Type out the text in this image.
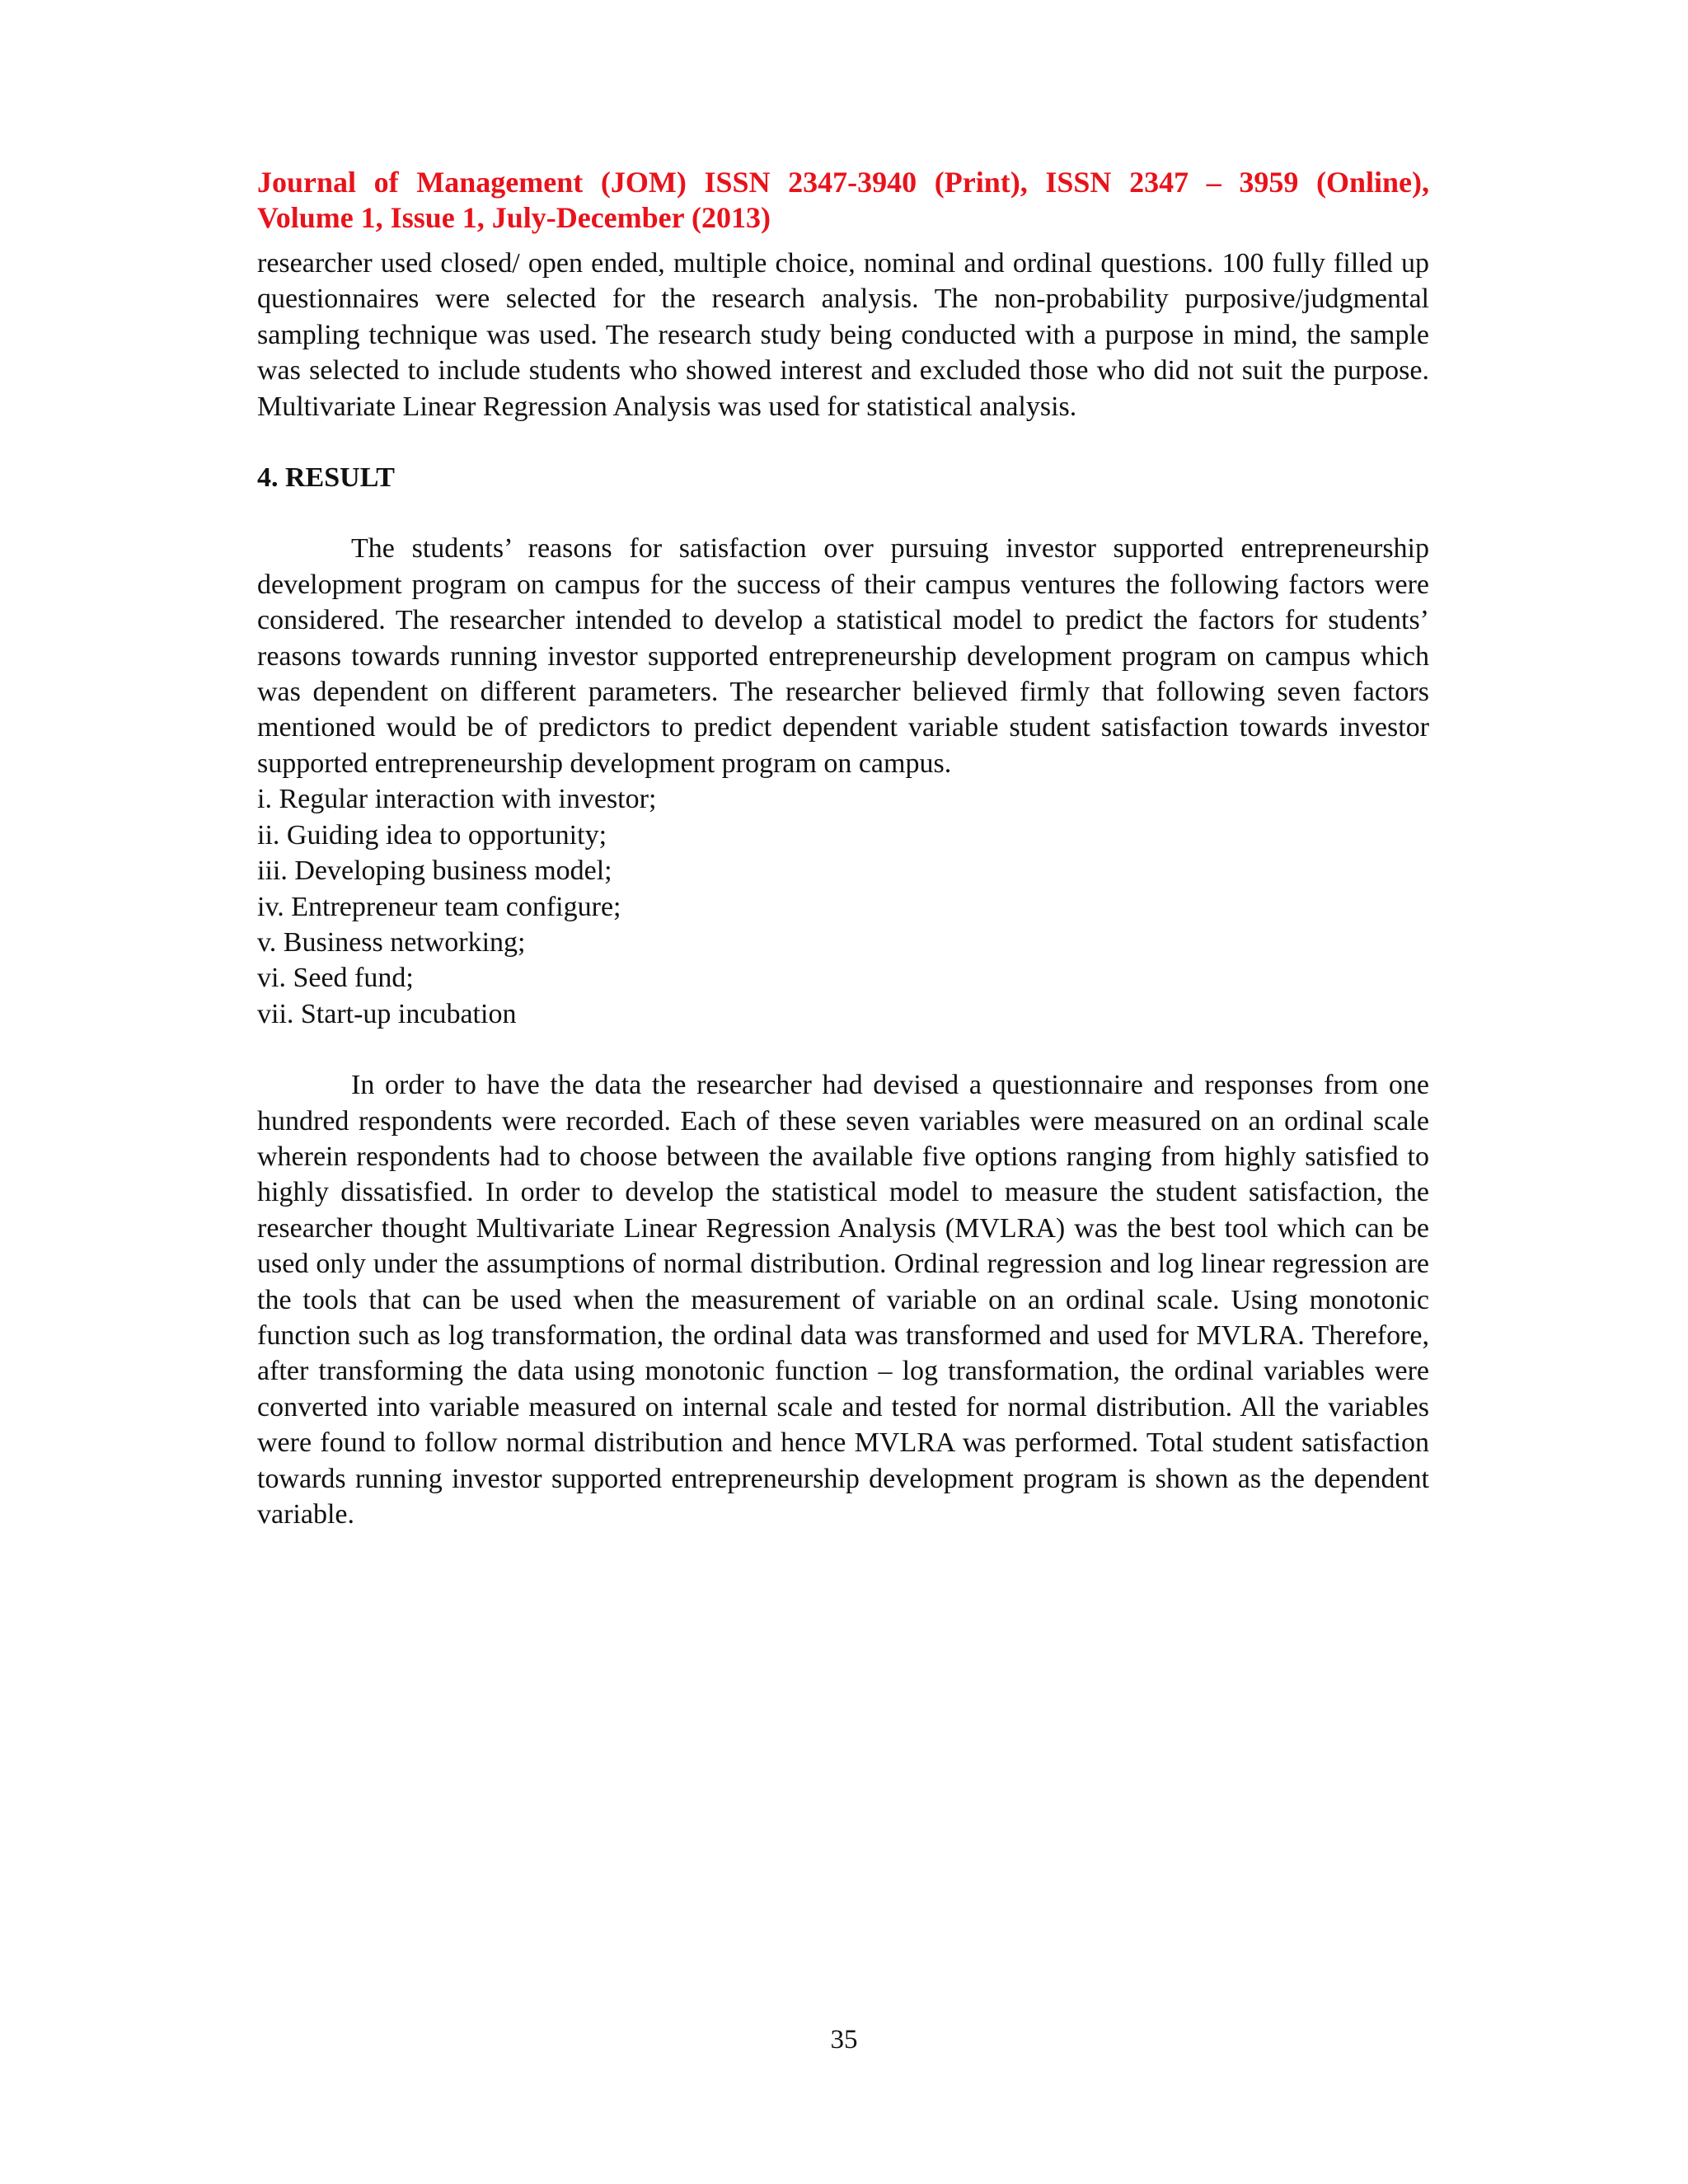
Journal of Management (JOM) ISSN 2347-3940 (Print), ISSN 2347 – 3959 (Online),
Volume 1, Issue 1, July-December (2013)

researcher used closed/ open ended, multiple choice, nominal and ordinal questions. 100 fully filled up questionnaires were selected for the research analysis. The non-probability purposive/judgmental sampling technique was used. The research study being conducted with a purpose in mind, the sample was selected to include students who showed interest and excluded those who did not suit the purpose. Multivariate Linear Regression Analysis was used for statistical analysis.

4. RESULT

The students’ reasons for satisfaction over pursuing investor supported entrepreneurship development program on campus for the success of their campus ventures the following factors were considered. The researcher intended to develop a statistical model to predict the factors for students’ reasons towards running investor supported entrepreneurship development program on campus which was dependent on different parameters. The researcher believed firmly that following seven factors mentioned would be of predictors to predict dependent variable student satisfaction towards investor supported entrepreneurship development program on campus.

i. Regular interaction with investor;
ii. Guiding idea to opportunity;
iii. Developing business model;
iv. Entrepreneur team configure;
v. Business networking;
vi. Seed fund;
vii. Start-up incubation

In order to have the data the researcher had devised a questionnaire and responses from one hundred respondents were recorded. Each of these seven variables were measured on an ordinal scale wherein respondents had to choose between the available five options ranging from highly satisfied to highly dissatisfied. In order to develop the statistical model to measure the student satisfaction, the researcher thought Multivariate Linear Regression Analysis (MVLRA) was the best tool which can be used only under the assumptions of normal distribution. Ordinal regression and log linear regression are the tools that can be used when the measurement of variable on an ordinal scale. Using monotonic function such as log transformation, the ordinal data was transformed and used for MVLRA. Therefore, after transforming the data using monotonic function – log transformation, the ordinal variables were converted into variable measured on internal scale and tested for normal distribution. All the variables were found to follow normal distribution and hence MVLRA was performed. Total student satisfaction towards running investor supported entrepreneurship development program is shown as the dependent variable.

35
